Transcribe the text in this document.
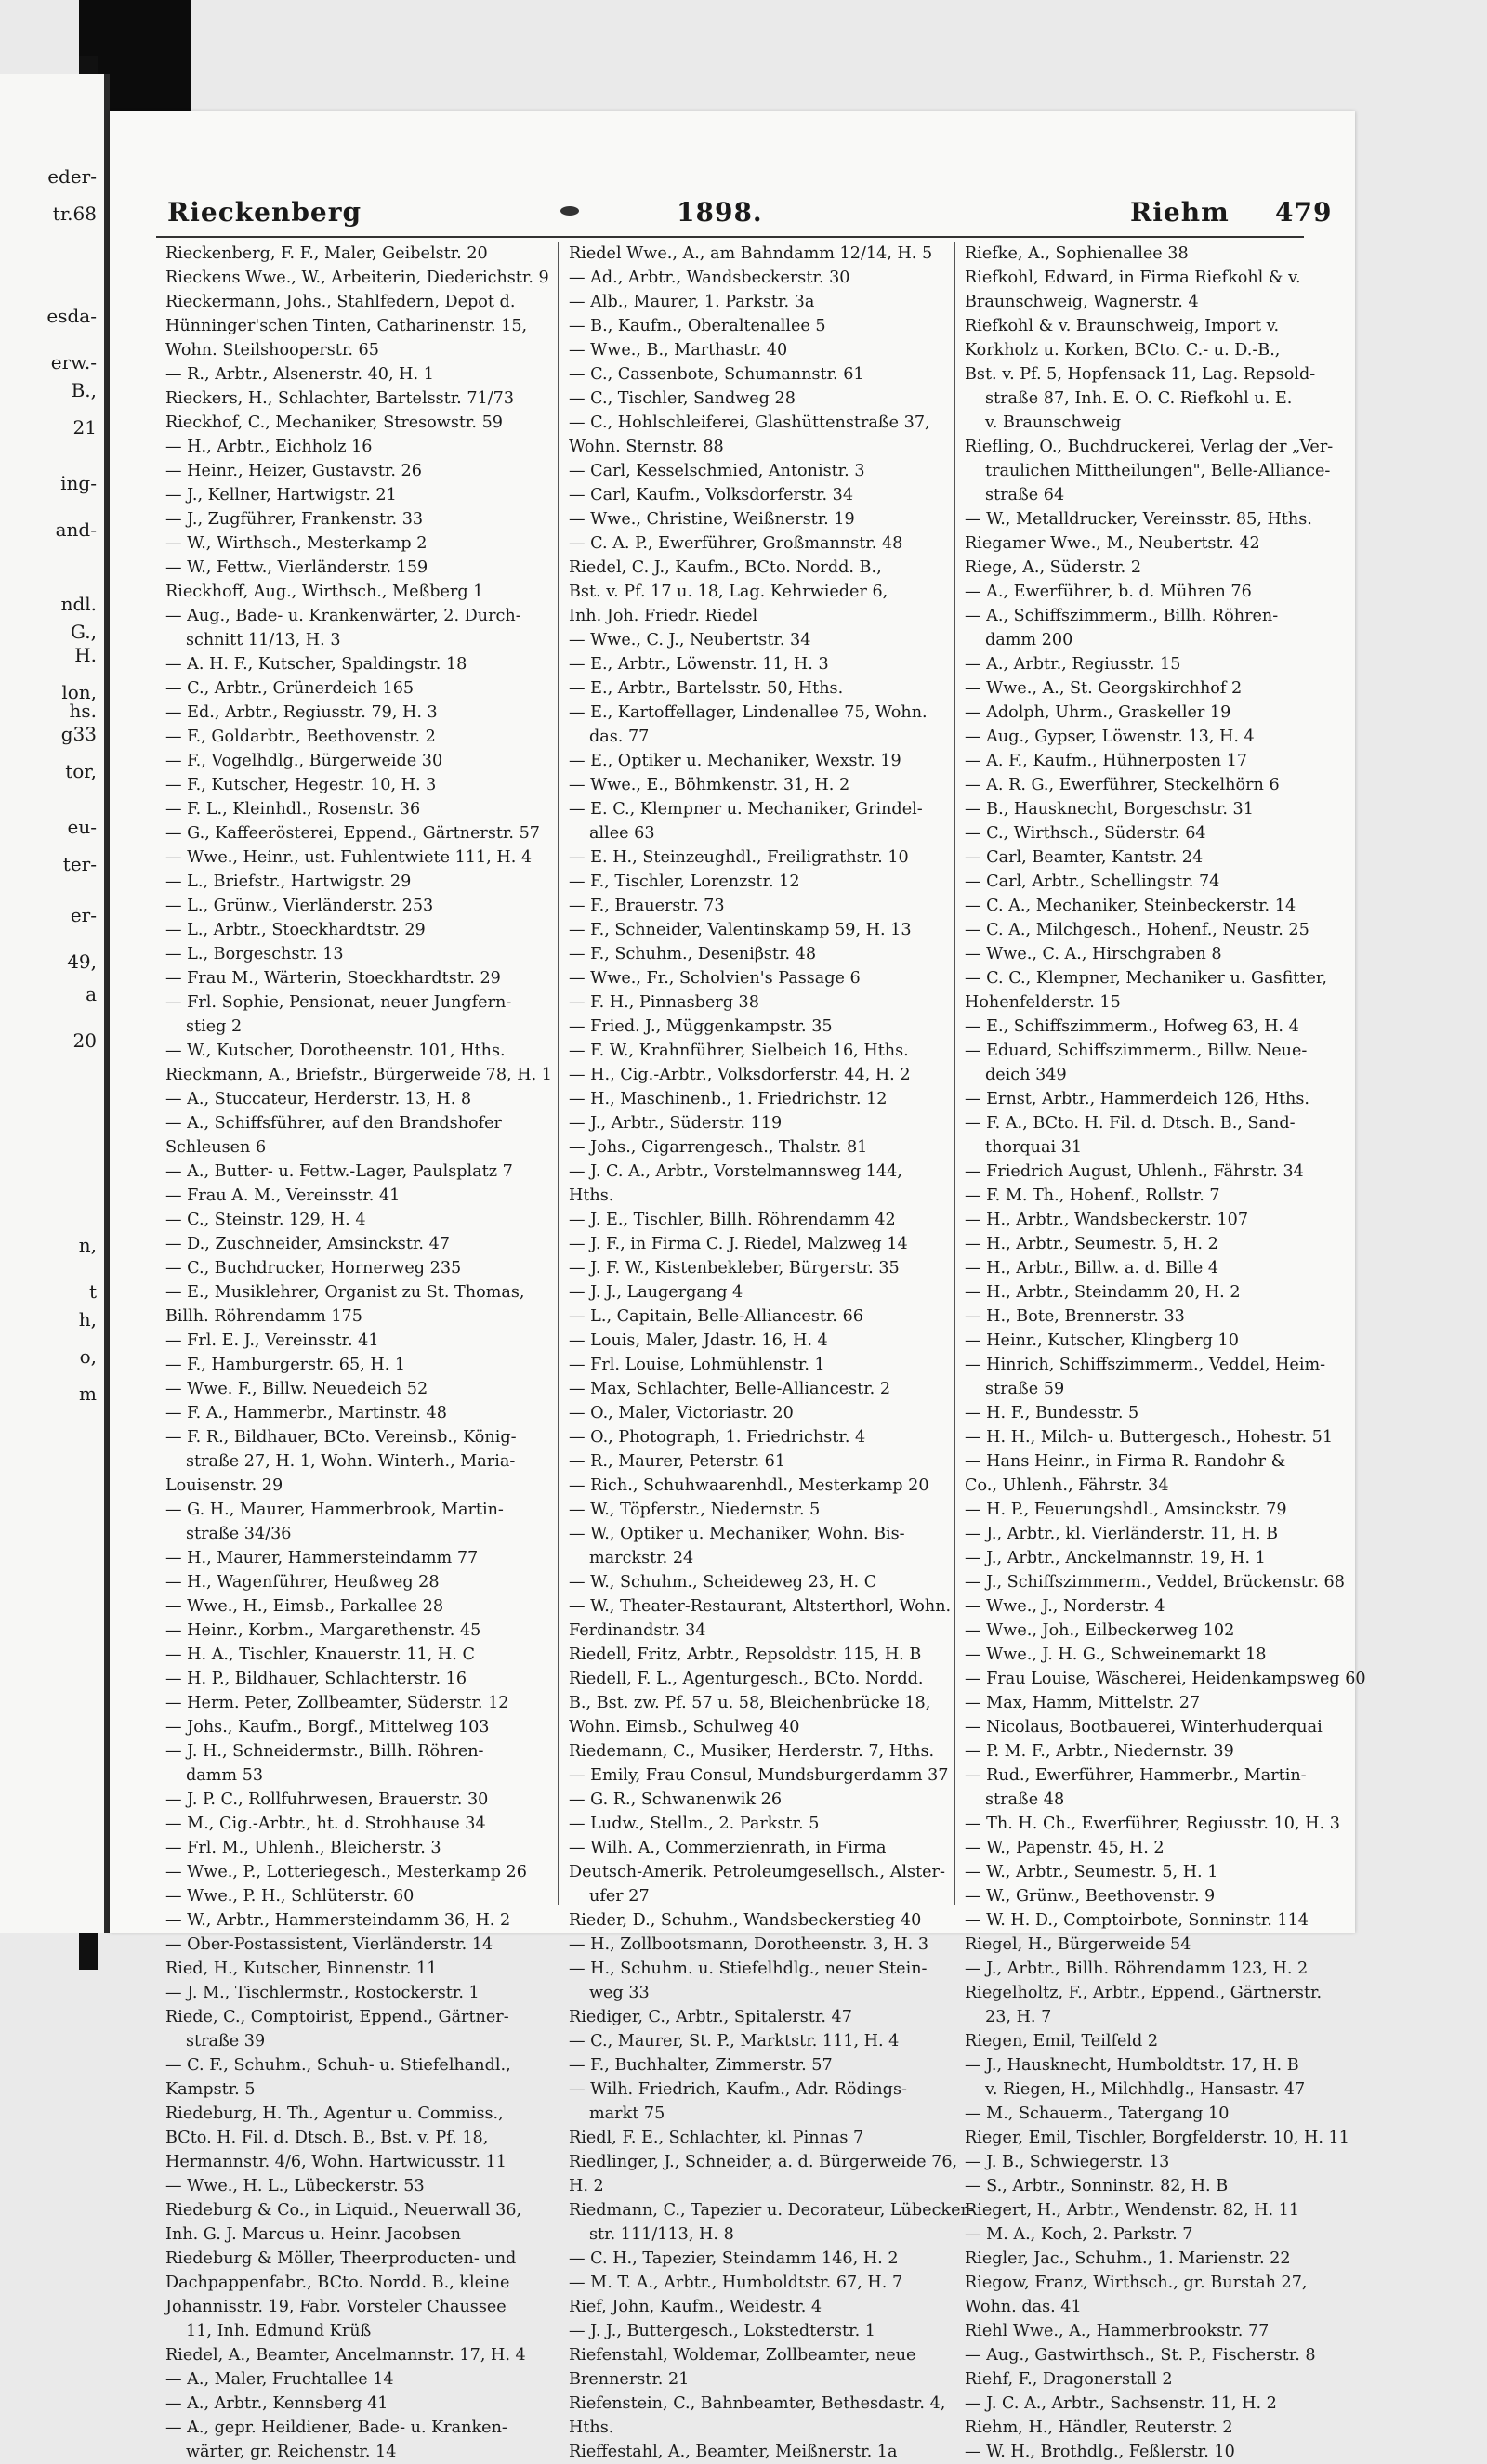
eder-
tr.68
esda-
erw.-
B.,
21
ing-
and-
ndl.
G.,
H.
lon,
hs.
g33
tor,
eu-
ter-
er-
49,
a
20
n,
t
h,
o,
m
Rieckenberg	1898.	Riehm 479
Rieckenberg, F. F., Maler, Geibelstr. 20
Rieckens Wwe., W., Arbeiterin, Diederichstr. 9
Rieckermann, Johs., Stahlfedern, Depot d.
Hünninger'schen Tinten, Catharinenstr. 15,
Wohn. Steilshooperstr. 65
— R., Arbtr., Alsenerstr. 40, H. 1
Rieckers, H., Schlachter, Bartelsstr. 71/73
Rieckhof, C., Mechaniker, Stresowstr. 59
— H., Arbtr., Eichholz 16
— Heinr., Heizer, Gustavstr. 26
— J., Kellner, Hartwigstr. 21
— J., Zugführer, Frankenstr. 33
— W., Wirthsch., Mesterkamp 2
— W., Fettw., Vierländerstr. 159
Rieckhoff, Aug., Wirthsch., Meßberg 1
— Aug., Bade- u. Krankenwärter, 2. Durch-
schnitt 11/13, H. 3
— A. H. F., Kutscher, Spaldingstr. 18
— C., Arbtr., Grünerdeich 165
— Ed., Arbtr., Regiusstr. 79, H. 3
— F., Goldarbtr., Beethovenstr. 2
— F., Vogelhdlg., Bürgerweide 30
— F., Kutscher, Hegestr. 10, H. 3
— F. L., Kleinhdl., Rosenstr. 36
— G., Kaffeerösterei, Eppend., Gärtnerstr. 57
— Wwe., Heinr., ust. Fuhlentwiete 111, H. 4
— L., Briefstr., Hartwigstr. 29
— L., Grünw., Vierländerstr. 253
— L., Arbtr., Stoeckhardtstr. 29
— L., Borgeschstr. 13
— Frau M., Wärterin, Stoeckhardtstr. 29
— Frl. Sophie, Pensionat, neuer Jungfern-
stieg 2
— W., Kutscher, Dorotheenstr. 101, Hths.
Rieckmann, A., Briefstr., Bürgerweide 78, H. 1
— A., Stuccateur, Herderstr. 13, H. 8
— A., Schiffsführer, auf den Brandshofer
Schleusen 6
— A., Butter- u. Fettw.-Lager, Paulsplatz 7
— Frau A. M., Vereinsstr. 41
— C., Steinstr. 129, H. 4
— D., Zuschneider, Amsinckstr. 47
— C., Buchdrucker, Hornerweg 235
— E., Musiklehrer, Organist zu St. Thomas,
Billh. Röhrendamm 175
— Frl. E. J., Vereinsstr. 41
— F., Hamburgerstr. 65, H. 1
— Wwe. F., Billw. Neuedeich 52
— F. A., Hammerbr., Martinstr. 48
— F. R., Bildhauer, BCto. Vereinsb., König-
straße 27, H. 1, Wohn. Winterh., Maria-
Louisenstr. 29
— G. H., Maurer, Hammerbrook, Martin-
straße 34/36
— H., Maurer, Hammersteindamm 77
— H., Wagenführer, Heußweg 28
— Wwe., H., Eimsb., Parkallee 28
— Heinr., Korbm., Margarethenstr. 45
— H. A., Tischler, Knauerstr. 11, H. C
— H. P., Bildhauer, Schlachterstr. 16
— Herm. Peter, Zollbeamter, Süderstr. 12
— Johs., Kaufm., Borgf., Mittelweg 103
— J. H., Schneidermstr., Billh. Röhren-
damm 53
— J. P. C., Rollfuhrwesen, Brauerstr. 30
— M., Cig.-Arbtr., ht. d. Strohhause 34
— Frl. M., Uhlenh., Bleicherstr. 3
— Wwe., P., Lotteriegesch., Mesterkamp 26
— Wwe., P. H., Schlüterstr. 60
— W., Arbtr., Hammersteindamm 36, H. 2
— Ober-Postassistent, Vierländerstr. 14
Ried, H., Kutscher, Binnenstr. 11
— J. M., Tischlermstr., Rostockerstr. 1
Riede, C., Comptoirist, Eppend., Gärtner-
straße 39
— C. F., Schuhm., Schuh- u. Stiefelhandl.,
Kampstr. 5
Riedeburg, H. Th., Agentur u. Commiss.,
BCto. H. Fil. d. Dtsch. B., Bst. v. Pf. 18,
Hermannstr. 4/6, Wohn. Hartwicusstr. 11
— Wwe., H. L., Lübeckerstr. 53
Riedeburg & Co., in Liquid., Neuerwall 36,
Inh. G. J. Marcus u. Heinr. Jacobsen
Riedeburg & Möller, Theerproducten- und
Dachpappenfabr., BCto. Nordd. B., kleine
Johannisstr. 19, Fabr. Vorsteler Chaussee
11, Inh. Edmund Krüß
Riedel, A., Beamter, Ancelmannstr. 17, H. 4
— A., Maler, Fruchtallee 14
— A., Arbtr., Kennsberg 41
— A., gepr. Heildiener, Bade- u. Kranken-
wärter, gr. Reichenstr. 14
Riedel Wwe., A., am Bahndamm 12/14, H. 5
— Ad., Arbtr., Wandsbeckerstr. 30
— Alb., Maurer, 1. Parkstr. 3a
— B., Kaufm., Oberaltenallee 5
— Wwe., B., Marthastr. 40
— C., Cassenbote, Schumannstr. 61
— C., Tischler, Sandweg 28
— C., Hohlschleiferei, Glashüttenstraße 37,
Wohn. Sternstr. 88
— Carl, Kesselschmied, Antonistr. 3
— Carl, Kaufm., Volksdorferstr. 34
— Wwe., Christine, Weißnerstr. 19
— C. A. P., Ewerführer, Großmannstr. 48
Riedel, C. J., Kaufm., BCto. Nordd. B.,
Bst. v. Pf. 17 u. 18, Lag. Kehrwieder 6,
Inh. Joh. Friedr. Riedel
— Wwe., C. J., Neubertstr. 34
— E., Arbtr., Löwenstr. 11, H. 3
— E., Arbtr., Bartelsstr. 50, Hths.
— E., Kartoffellager, Lindenallee 75, Wohn.
das. 77
— E., Optiker u. Mechaniker, Wexstr. 19
— Wwe., E., Böhmkenstr. 31, H. 2
— E. C., Klempner u. Mechaniker, Grindel-
allee 63
— E. H., Steinzeughdl., Freiligrathstr. 10
— F., Tischler, Lorenzstr. 12
— F., Brauerstr. 73
— F., Schneider, Valentinskamp 59, H. 13
— F., Schuhm., Deseniβstr. 48
— Wwe., Fr., Scholvien's Passage 6
— F. H., Pinnasberg 38
— Fried. J., Müggenkampstr. 35
— F. W., Krahnführer, Sielbeich 16, Hths.
— H., Cig.-Arbtr., Volksdorferstr. 44, H. 2
— H., Maschinenb., 1. Friedrichstr. 12
— J., Arbtr., Süderstr. 119
— Johs., Cigarrengesch., Thalstr. 81
— J. C. A., Arbtr., Vorstelmannsweg 144,
Hths.
— J. E., Tischler, Billh. Röhrendamm 42
— J. F., in Firma C. J. Riedel, Malzweg 14
— J. F. W., Kistenbekleber, Bürgerstr. 35
— J. J., Laugergang 4
— L., Capitain, Belle-Alliancestr. 66
— Louis, Maler, Jdastr. 16, H. 4
— Frl. Louise, Lohmühlenstr. 1
— Max, Schlachter, Belle-Alliancestr. 2
— O., Maler, Victoriastr. 20
— O., Photograph, 1. Friedrichstr. 4
— R., Maurer, Peterstr. 61
— Rich., Schuhwaarenhdl., Mesterkamp 20
— W., Töpferstr., Niedernstr. 5
— W., Optiker u. Mechaniker, Wohn. Bis-
marckstr. 24
— W., Schuhm., Scheideweg 23, H. C
— W., Theater-Restaurant, Altsterthorl, Wohn.
Ferdinandstr. 34
Riedell, Fritz, Arbtr., Repsoldstr. 115, H. B
Riedell, F. L., Agenturgesch., BCto. Nordd.
B., Bst. zw. Pf. 57 u. 58, Bleichenbrücke 18,
Wohn. Eimsb., Schulweg 40
Riedemann, C., Musiker, Herderstr. 7, Hths.
— Emily, Frau Consul, Mundsburgerdamm 37
— G. R., Schwanenwik 26
— Ludw., Stellm., 2. Parkstr. 5
— Wilh. A., Commerzienrath, in Firma
Deutsch-Amerik. Petroleumgesellsch., Alster-
ufer 27
Rieder, D., Schuhm., Wandsbeckerstieg 40
— H., Zollbootsmann, Dorotheenstr. 3, H. 3
— H., Schuhm. u. Stiefelhdlg., neuer Stein-
weg 33
Riediger, C., Arbtr., Spitalerstr. 47
— C., Maurer, St. P., Marktstr. 111, H. 4
— F., Buchhalter, Zimmerstr. 57
— Wilh. Friedrich, Kaufm., Adr. Rödings-
markt 75
Riedl, F. E., Schlachter, kl. Pinnas 7
Riedlinger, J., Schneider, a. d. Bürgerweide 76,
H. 2
Riedmann, C., Tapezier u. Decorateur, Lübecker-
str. 111/113, H. 8
— C. H., Tapezier, Steindamm 146, H. 2
— M. T. A., Arbtr., Humboldtstr. 67, H. 7
Rief, John, Kaufm., Weidestr. 4
— J. J., Buttergesch., Lokstedterstr. 1
Riefenstahl, Woldemar, Zollbeamter, neue
Brennerstr. 21
Riefenstein, C., Bahnbeamter, Bethesdastr. 4,
Hths.
Rieffestahl, A., Beamter, Meißnerstr. 1a
Riefke, A., Sophienallee 38
Riefkohl, Edward, in Firma Riefkohl & v.
Braunschweig, Wagnerstr. 4
Riefkohl & v. Braunschweig, Import v.
Korkholz u. Korken, BCto. C.- u. D.-B.,
Bst. v. Pf. 5, Hopfensack 11, Lag. Repsold-
straße 87, Inh. E. O. C. Riefkohl u. E.
v. Braunschweig
Riefling, O., Buchdruckerei, Verlag der „Ver-
traulichen Mittheilungen", Belle-Alliance-
straße 64
— W., Metalldrucker, Vereinsstr. 85, Hths.
Riegamer Wwe., M., Neubertstr. 42
Riege, A., Süderstr. 2
— A., Ewerführer, b. d. Mühren 76
— A., Schiffszimmerm., Billh. Röhren-
damm 200
— A., Arbtr., Regiusstr. 15
— Wwe., A., St. Georgskirchhof 2
— Adolph, Uhrm., Graskeller 19
— Aug., Gypser, Löwenstr. 13, H. 4
— A. F., Kaufm., Hühnerposten 17
— A. R. G., Ewerführer, Steckelhörn 6
— B., Hausknecht, Borgeschstr. 31
— C., Wirthsch., Süderstr. 64
— Carl, Beamter, Kantstr. 24
— Carl, Arbtr., Schellingstr. 74
— C. A., Mechaniker, Steinbeckerstr. 14
— C. A., Milchgesch., Hohenf., Neustr. 25
— Wwe., C. A., Hirschgraben 8
— C. C., Klempner, Mechaniker u. Gasfitter,
Hohenfelderstr. 15
— E., Schiffszimmerm., Hofweg 63, H. 4
— Eduard, Schiffszimmerm., Billw. Neue-
deich 349
— Ernst, Arbtr., Hammerdeich 126, Hths.
— F. A., BCto. H. Fil. d. Dtsch. B., Sand-
thorquai 31
— Friedrich August, Uhlenh., Fährstr. 34
— F. M. Th., Hohenf., Rollstr. 7
— H., Arbtr., Wandsbeckerstr. 107
— H., Arbtr., Seumestr. 5, H. 2
— H., Arbtr., Billw. a. d. Bille 4
— H., Arbtr., Steindamm 20, H. 2
— H., Bote, Brennerstr. 33
— Heinr., Kutscher, Klingberg 10
— Hinrich, Schiffszimmerm., Veddel, Heim-
straße 59
— H. F., Bundesstr. 5
— H. H., Milch- u. Buttergesch., Hohestr. 51
— Hans Heinr., in Firma R. Randohr &
Co., Uhlenh., Fährstr. 34
— H. P., Feuerungshdl., Amsinckstr. 79
— J., Arbtr., kl. Vierländerstr. 11, H. B
— J., Arbtr., Anckelmannstr. 19, H. 1
— J., Schiffszimmerm., Veddel, Brückenstr. 68
— Wwe., J., Norderstr. 4
— Wwe., Joh., Eilbeckerweg 102
— Wwe., J. H. G., Schweinemarkt 18
— Frau Louise, Wäscherei, Heidenkampsweg 60
— Max, Hamm, Mittelstr. 27
— Nicolaus, Bootbauerei, Winterhuderquai
— P. M. F., Arbtr., Niedernstr. 39
— Rud., Ewerführer, Hammerbr., Martin-
straße 48
— Th. H. Ch., Ewerführer, Regiusstr. 10, H. 3
— W., Papenstr. 45, H. 2
— W., Arbtr., Seumestr. 5, H. 1
— W., Grünw., Beethovenstr. 9
— W. H. D., Comptoirbote, Sonninstr. 114
Riegel, H., Bürgerweide 54
— J., Arbtr., Billh. Röhrendamm 123, H. 2
Riegelholtz, F., Arbtr., Eppend., Gärtnerstr.
23, H. 7
Riegen, Emil, Teilfeld 2
— J., Hausknecht, Humboldtstr. 17, H. B
v. Riegen, H., Milchhdlg., Hansastr. 47
— M., Schauerm., Tatergang 10
Rieger, Emil, Tischler, Borgfelderstr. 10, H. 11
— J. B., Schwiegerstr. 13
— S., Arbtr., Sonninstr. 82, H. B
Riegert, H., Arbtr., Wendenstr. 82, H. 11
— M. A., Koch, 2. Parkstr. 7
Riegler, Jac., Schuhm., 1. Marienstr. 22
Riegow, Franz, Wirthsch., gr. Burstah 27,
Wohn. das. 41
Riehl Wwe., A., Hammerbrookstr. 77
— Aug., Gastwirthsch., St. P., Fischerstr. 8
Riehf, F., Dragonerstall 2
— J. C. A., Arbtr., Sachsenstr. 11, H. 2
Riehm, H., Händler, Reuterstr. 2
— W. H., Brothdlg., Feßlerstr. 10
